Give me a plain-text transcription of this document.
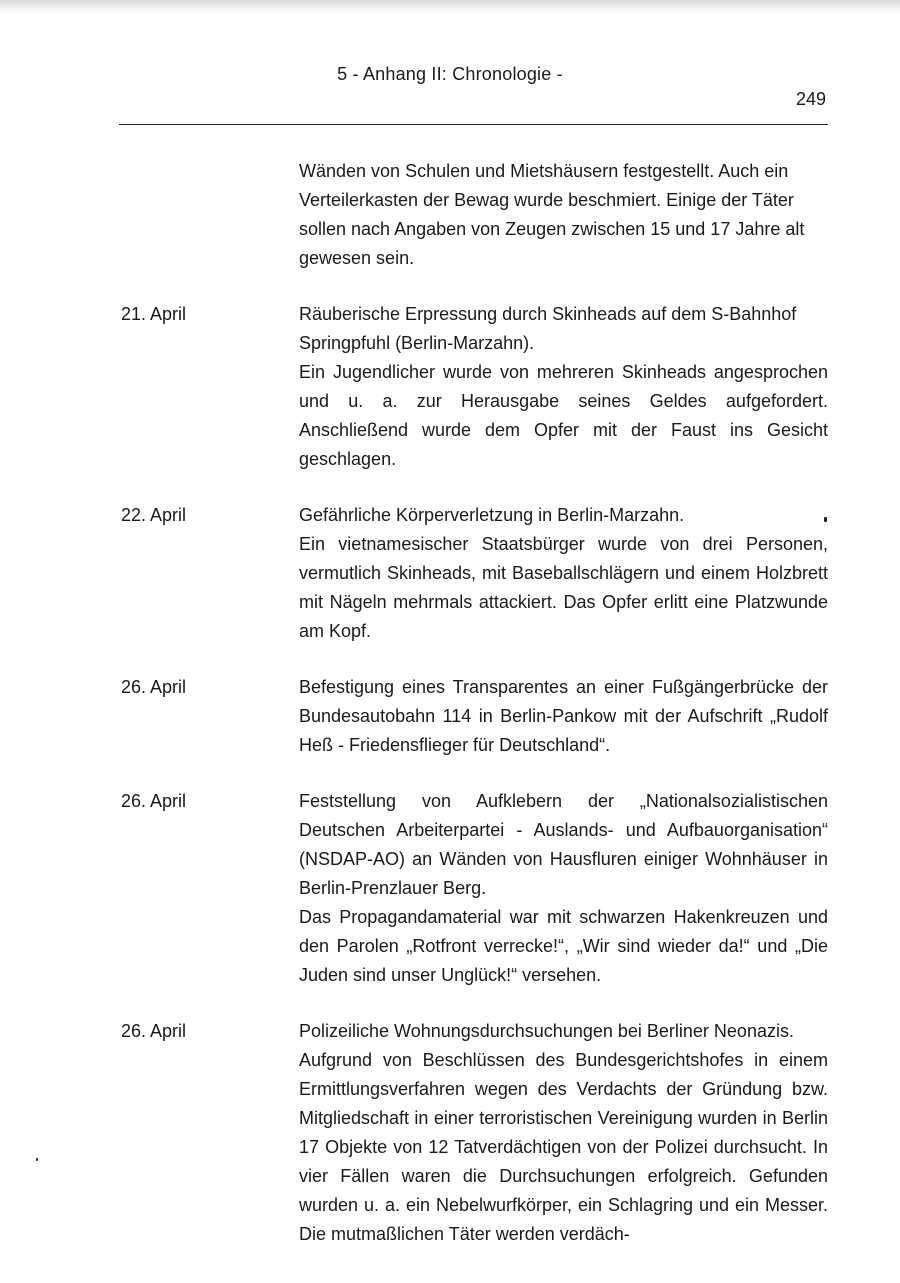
5 - Anhang II: Chronologie -
249

Wänden von Schulen und Mietshäusern festgestellt. Auch ein Verteilerkasten der Bewag wurde beschmiert. Einige der Täter sollen nach Angaben von Zeugen zwischen 15 und 17 Jahre alt gewesen sein.

21. April	Räuberische Erpressung durch Skinheads auf dem S-Bahnhof Springpfuhl (Berlin-Marzahn).

Ein Jugendlicher wurde von mehreren Skinheads angesprochen und u. a. zur Herausgabe seines Geldes aufgefordert. Anschließend wurde dem Opfer mit der Faust ins Gesicht geschlagen.

22. April	Gefährliche Körperverletzung in Berlin-Marzahn.

Ein vietnamesischer Staatsbürger wurde von drei Personen, vermutlich Skinheads, mit Baseballschlägern und einem Holzbrett mit Nägeln mehrmals attackiert. Das Opfer erlitt eine Platzwunde am Kopf.

26. April	Befestigung eines Transparentes an einer Fußgängerbrücke der Bundesautobahn 114 in Berlin-Pankow mit der Aufschrift „Rudolf Heß - Friedensflieger für Deutschland“.

26. April	Feststellung von Aufklebern der „Nationalsozialistischen Deutschen Arbeiterpartei - Auslands- und Aufbauorganisation“ (NSDAP-AO) an Wänden von Hausfluren einiger Wohnhäuser in Berlin-Prenzlauer Berg.

Das Propagandamaterial war mit schwarzen Hakenkreuzen und den Parolen „Rotfront verrecke!“, „Wir sind wieder da!“ und „Die Juden sind unser Unglück!“ versehen.

26. April	Polizeiliche Wohnungsdurchsuchungen bei Berliner Neonazis.

Aufgrund von Beschlüssen des Bundesgerichtshofes in einem Ermittlungsverfahren wegen des Verdachts der Gründung bzw. Mitgliedschaft in einer terroristischen Vereinigung wurden in Berlin 17 Objekte von 12 Tatverdächtigen von der Polizei durchsucht. In vier Fällen waren die Durchsuchungen erfolgreich. Gefunden wurden u. a. ein Nebelwurfkörper, ein Schlagring und ein Messer. Die mutmaßlichen Täter werden verdäch-
